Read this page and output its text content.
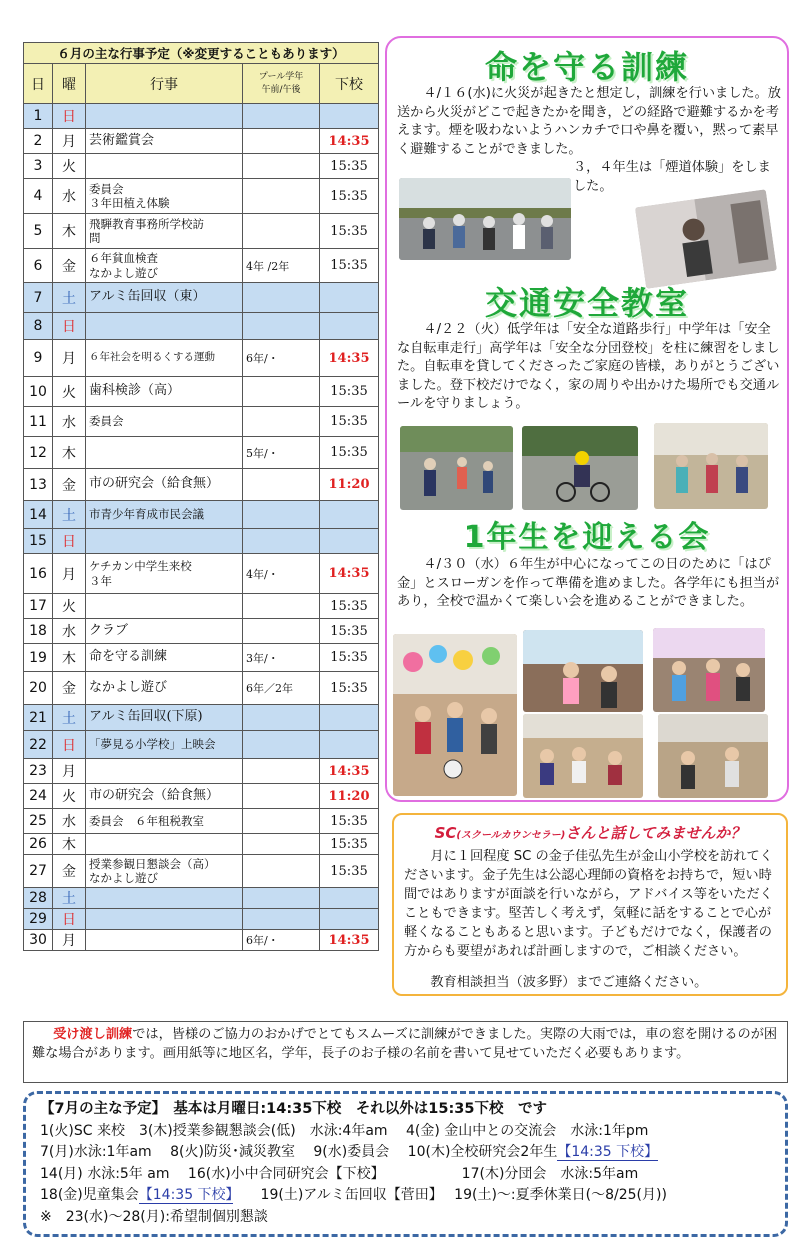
６月の主な行事予定（※変更することもあります）				
日	曜	行事	プール学年
午前/午後	下校
1	日	

2	月	芸術鑑賞会		14:35
3	火			15:35
4	水	委員会
３年田植え体験		15:35
5	木	飛騨教育事務所学校訪
問		15:35
6	金	６年貧血検査
なかよし遊び	4年 /2年	15:35
7	土	アルミ缶回収（東）		

8	日	

9	月	６年社会を明るくする運動	6年/・	14:35
10	火	歯科検診（高）		15:35
11	水	委員会		15:35
12	木		5年/・	15:35
13	金	市の研究会（給食無）		11:20
14	土	市青少年育成市民会議		

15	日	

16	月	ケチカン中学生来校
３年	4年/・	14:35
17	火			15:35
18	水	クラブ		15:35
19	木	命を守る訓練	3年/・	15:35
20	金	なかよし遊び	6年／2年	15:35
21	土	アルミ缶回収(下原)		

22	日	「夢見る小学校」上映会		

23	月			14:35
24	火	市の研究会（給食無）		11:20
25	水	委員会　６年租税教室		15:35
26	木			15:35
27	金	授業参観日懇談会（高）
なかよし遊び		15:35
28	土	

29	日	

30	月		6年/・	14:35
命を守る訓練
４/１６(水)に火災が起きたと想定し，訓練を行いました。放送から火災がどこで起きたかを聞き，どの経路で避難するかを考えます。煙を吸わないようハンカチで口や鼻を覆い，黙って素早く避難することができました。
３，４年生は「煙道体験」をしました。
交通安全教室
４/２２（火）低学年は「安全な道路歩行」中学年は「安全な自転車走行」高学年は「安全な分団登校」を柱に練習をしました。自転車を貸してくださったご家庭の皆様，ありがとうございました。登下校だけでなく，家の周りや出かけた場所でも交通ルールを守りましょう。
1年生を迎える会
４/３０（水）６年生が中心になってこの日のために「はぴ金」とスローガンを作って準備を進めました。各学年にも担当があり，全校で温かくて楽しい会を進めることができました。
SC(スクールカウンセラー)さんと話してみませんか？
月に１回程度 SC の金子佳弘先生が金山小学校を訪れてくださいます。金子先生は公認心理師の資格をお持ちで，短い時間ではありますが面談を行いながら，アドバイス等をいただくこともできます。堅苦しく考えず，気軽に話をすることで心が軽くなることもあると思います。子どもだけでなく，保護者の方からも要望があれば計画しますので，ご相談ください。
教育相談担当（波多野）までご連絡ください。
受け渡し訓練では，皆様のご協力のおかげでとてもスムーズに訓練ができました。実際の大雨では，車の窓を開けるのが困難な場合があります。画用紙等に地区名，学年，長子のお子様の名前を書いて見せていただく必要もあります。
【7月の主な予定】　基本は月曜日:14:35下校　それ以外は15:35下校　です
1(火)SC 来校　3(木)授業参観懇談会(低)　水泳:4年am　 4(金) 金山中との交流会　水泳:1年pm
7(月)水泳:1年am　 8(火)防災･減災教室　 9(水)委員会　 10(木)全校研究会2年生【14:35 下校】
14(月) 水泳:5年 am　 16(水)小中合同研究会【下校】　　　　　　17(木)分団会　水泳:5年am
18(金)児童集会【14:35 下校】　　19(土)アルミ缶回収【菅田】　 19(土)～:夏季休業日(～8/25(月))
※　23(水)～28(月):希望制個別懇談
